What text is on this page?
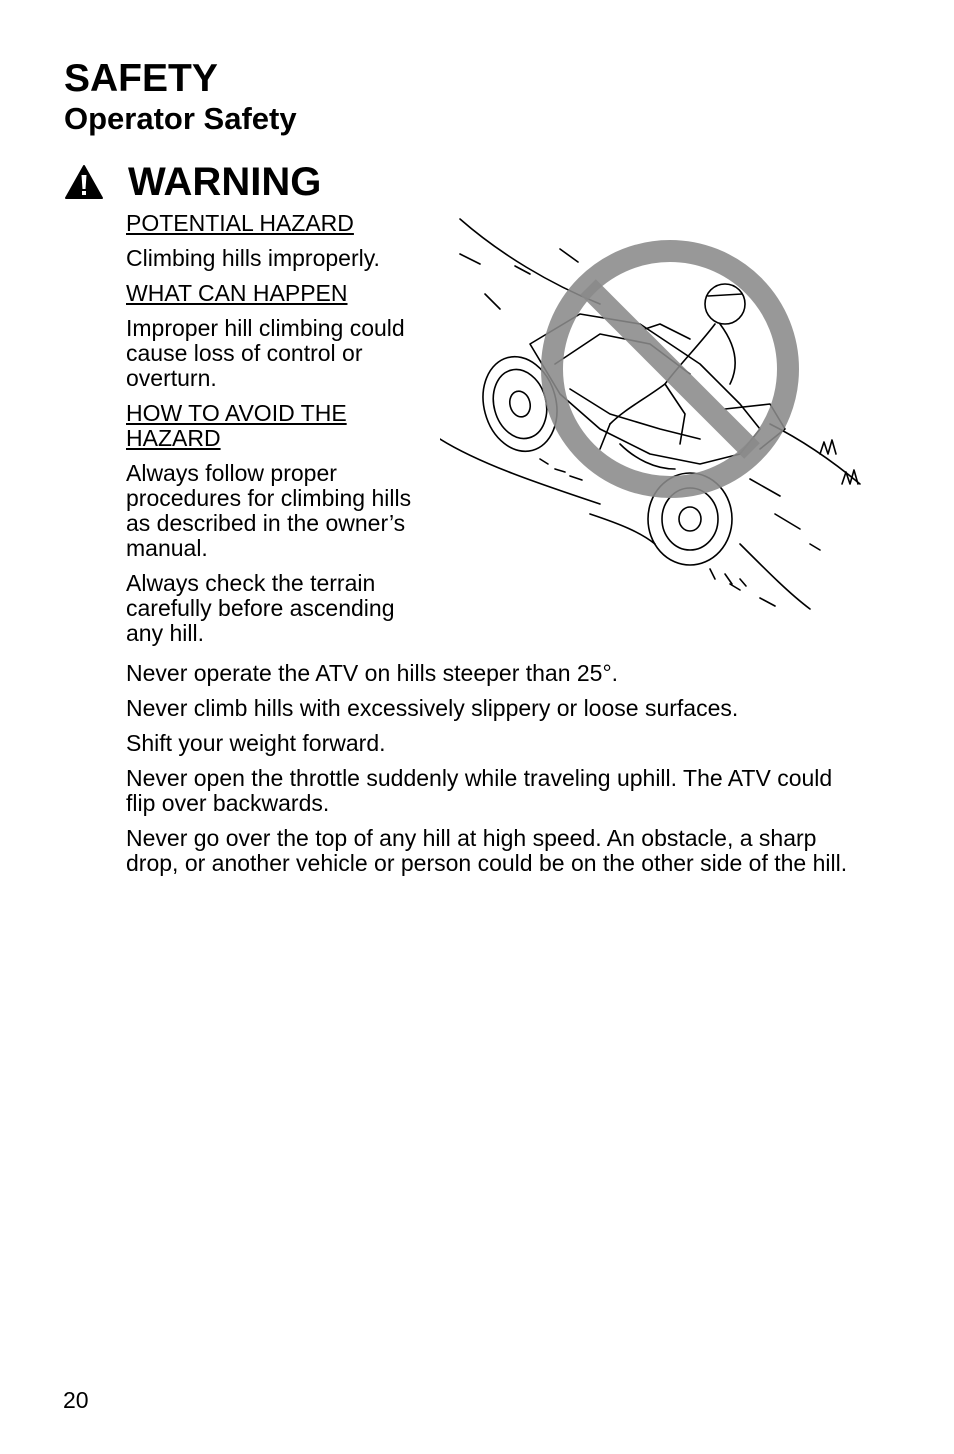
SAFETY
Operator Safety
WARNING
POTENTIAL HAZARD
Climbing hills improperly.
WHAT CAN HAPPEN
Improper hill climbing could cause loss of control or overturn.
HOW TO AVOID THE HAZARD
Always follow proper procedures for climbing hills as described in the owner’s manual.
Always check the terrain carefully before ascending any hill.
Never operate the ATV on hills steeper than 25°.
Never climb hills with excessively slippery or loose surfaces.
Shift your weight forward.
Never open the throttle suddenly while traveling uphill. The ATV could flip over backwards.
Never go over the top of any hill at high speed. An obstacle, a sharp drop, or another vehicle or person could be on the other side of the hill.
20
